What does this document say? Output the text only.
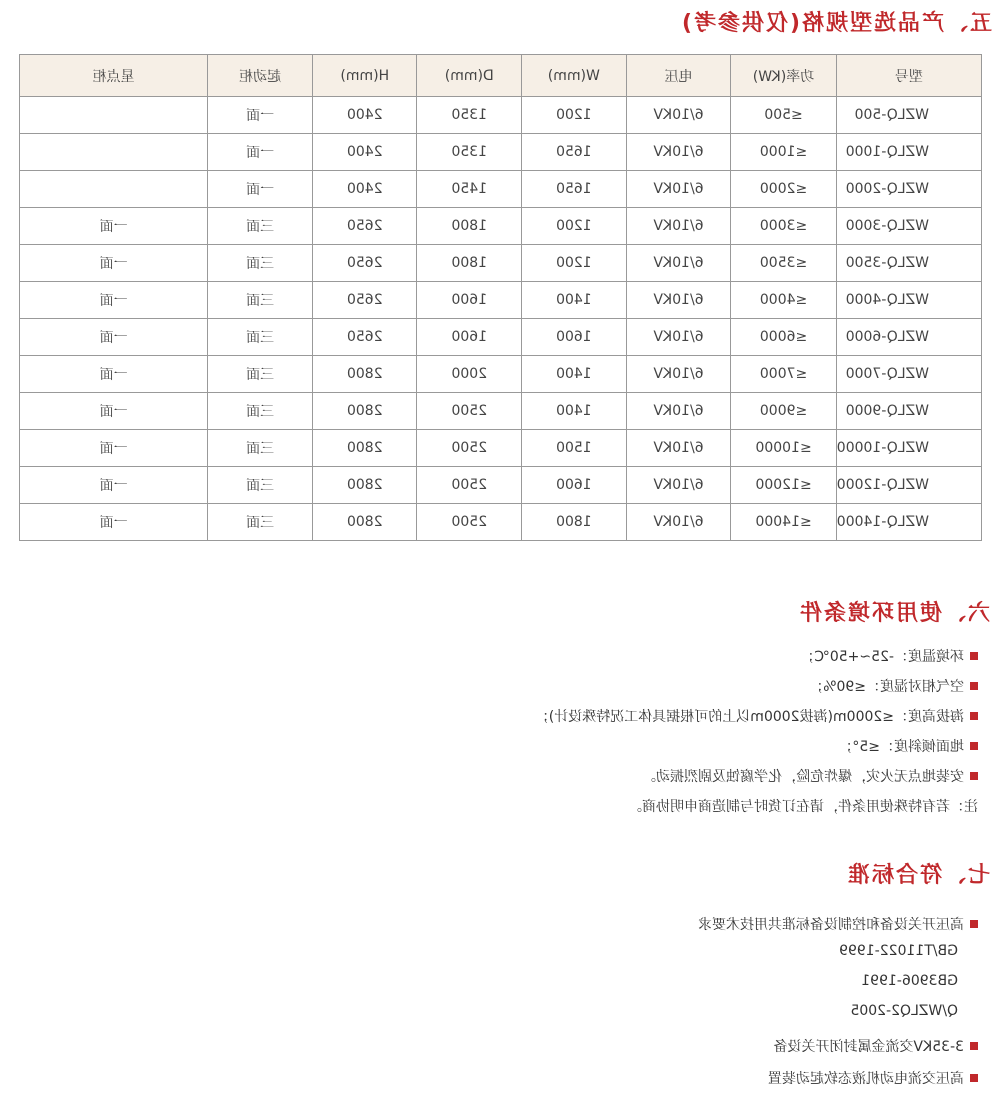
五、产品选型规格(仅供参考)
型号	功率(KW)	电压	W(mm)	D(mm)	H(mm)	起动柜	星点柜
WZLQ-500	≤500	6/10KV	1200	1350	2400	一面	
WZLQ-1000	≤1000	6/10KV	1650	1350	2400	一面	
WZLQ-2000	≤2000	6/10KV	1650	1450	2400	一面	
WZLQ-3000	≤3000	6/10KV	1200	1800	2650	三面	一面
WZLQ-3500	≤3500	6/10KV	1200	1800	2650	三面	一面
WZLQ-4000	≤4000	6/10KV	1400	1600	2650	三面	一面
WZLQ-6000	≤6000	6/10KV	1600	1600	2650	三面	一面
WZLQ-7000	≤7000	6/10KV	1400	2000	2800	三面	一面
WZLQ-9000	≤9000	6/10KV	1400	2500	2800	三面	一面
WZLQ-10000	≤10000	6/10KV	1500	2500	2800	三面	一面
WZLQ-12000	≤12000	6/10KV	1600	2500	2800	三面	一面
WZLQ-14000	≤14000	6/10KV	1800	2500	2800	三面	一面
六、使用环境条件
环境温度：-25~+50℃；
空气相对湿度：≤90%；
海拔高度：≤2000m(海拔2000m以上的可根据具体工况特殊设计)；
地面倾斜度：≤5°；
安装地点无火灾，爆炸危险，化学腐蚀及剧烈振动。
注：若有特殊使用条件，请在订货时与制造商申明协商。
七、符合标准
高压开关设备和控制设备标准共用技术要求
GB/T11022-1999
GB3906-1991
Q/WZLQ2-2005
3-35KV交流金属封闭开关设备
高压交流电动机液态软起动装置
